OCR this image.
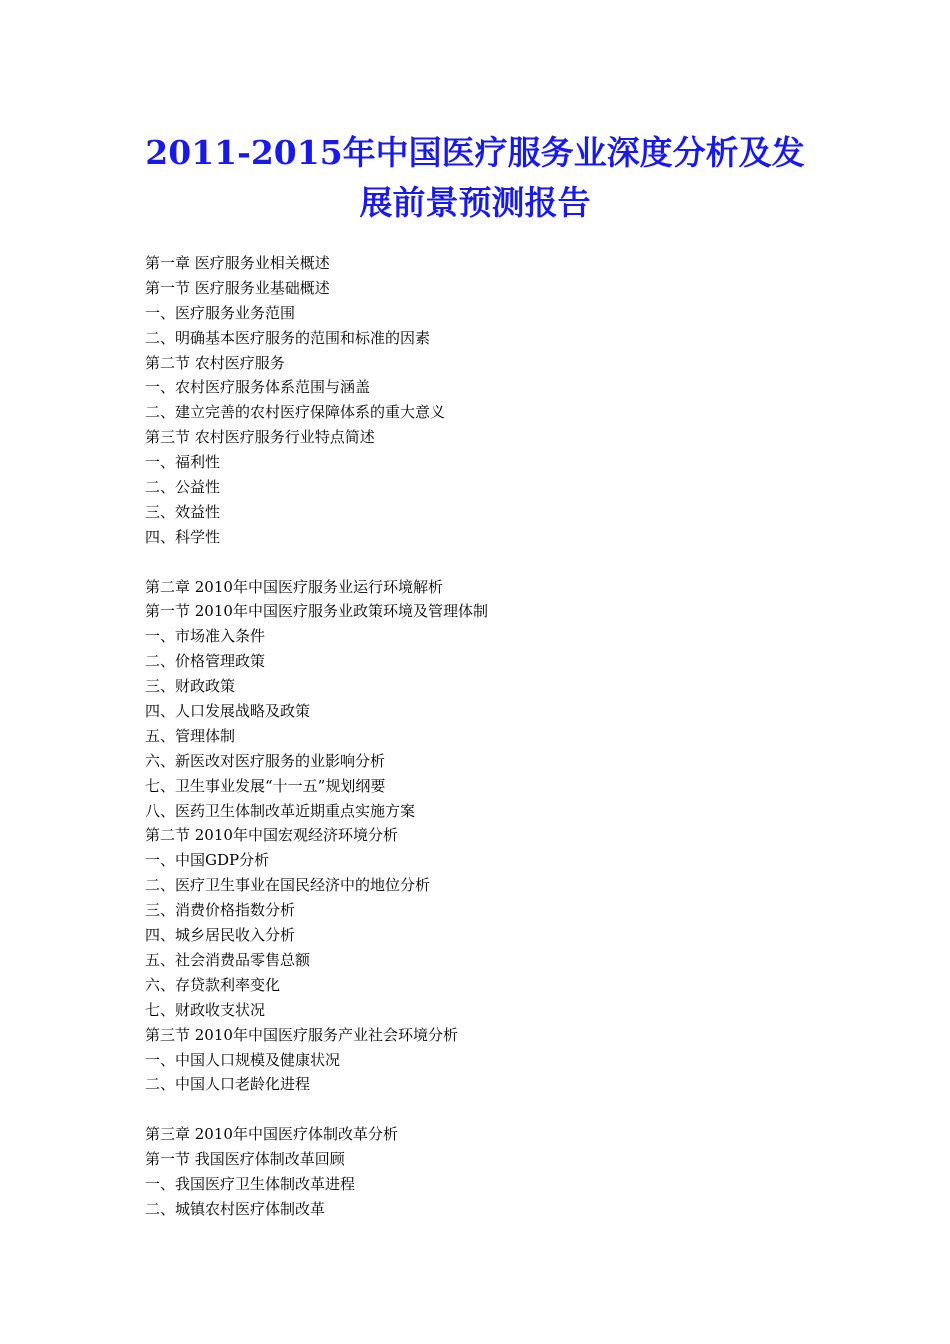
2011-2015年中国医疗服务业深度分析及发
展前景预测报告
第一章 医疗服务业相关概述
第一节 医疗服务业基础概述
一、医疗服务业务范围
二、明确基本医疗服务的范围和标准的因素
第二节 农村医疗服务
一、农村医疗服务体系范围与涵盖
二、建立完善的农村医疗保障体系的重大意义
第三节 农村医疗服务行业特点简述
一、福利性
二、公益性
三、效益性
四、科学性
第二章 2010年中国医疗服务业运行环境解析
第一节 2010年中国医疗服务业政策环境及管理体制
一、市场准入条件
二、价格管理政策
三、财政政策
四、人口发展战略及政策
五、管理体制
六、新医改对医疗服务的业影响分析
七、卫生事业发展“十一五”规划纲要
八、医药卫生体制改革近期重点实施方案
第二节 2010年中国宏观经济环境分析
一、中国GDP分析
二、医疗卫生事业在国民经济中的地位分析
三、消费价格指数分析
四、城乡居民收入分析
五、社会消费品零售总额
六、存贷款利率变化
七、财政收支状况
第三节 2010年中国医疗服务产业社会环境分析
一、中国人口规模及健康状况
二、中国人口老龄化进程
第三章 2010年中国医疗体制改革分析
第一节 我国医疗体制改革回顾
一、我国医疗卫生体制改革进程
二、城镇农村医疗体制改革
